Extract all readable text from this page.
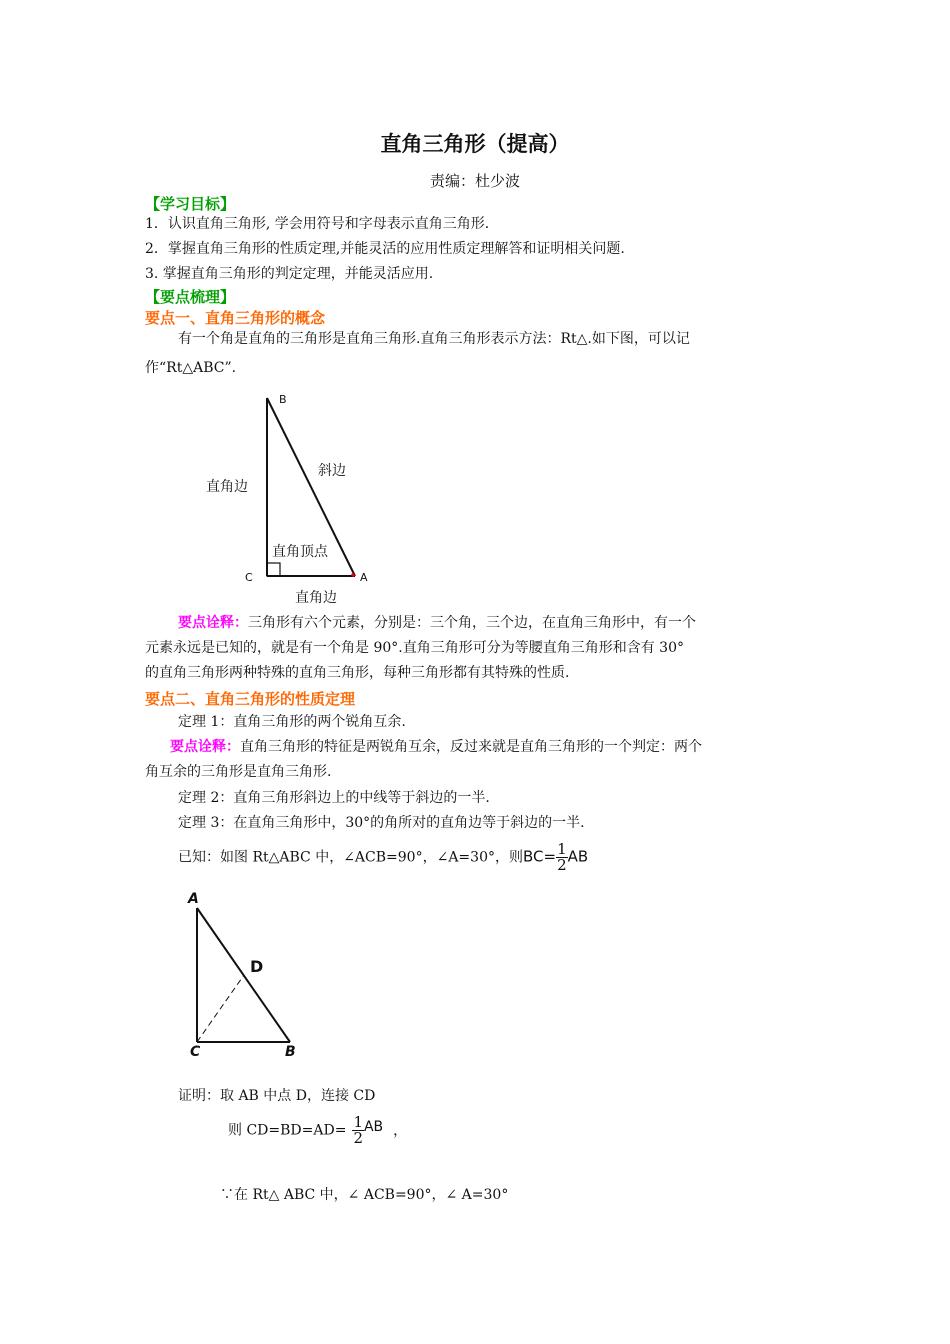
直角三角形（提高）
责编：杜少波
【学习目标】
1．认识直角三角形, 学会用符号和字母表示直角三角形.
2．掌握直角三角形的性质定理,并能灵活的应用性质定理解答和证明相关问题.
3. 掌握直角三角形的判定定理，并能灵活应用.
【要点梳理】
要点一、直角三角形的概念
有一个角是直角的三角形是直角三角形.直角三角形表示方法：Rt△.如下图，可以记
作“Rt△ABC”.
B
C	A
直角边
斜边
直角顶点
直角边
要点诠释：三角形有六个元素，分别是：三个角，三个边，在直角三角形中，有一个
元素永远是已知的，就是有一个角是 90°.直角三角形可分为等腰直角三角形和含有 30°
的直角三角形两种特殊的直角三角形，每种三角形都有其特殊的性质.
要点二、直角三角形的性质定理
定理 1：直角三角形的两个锐角互余.
要点诠释：直角三角形的特征是两锐角互余，反过来就是直角三角形的一个判定：两个
角互余的三角形是直角三角形.
定理 2：直角三角形斜边上的中线等于斜边的一半.
定理 3：在直角三角形中，30°的角所对的直角边等于斜边的一半.
已知：如图 Rt△ABC 中，∠ACB=90°，∠A=30°，则$BC= \frac{1}{2}$ AB
A
D
C	B
证明：取 AB 中点 D，连接 CD
则 $CD=BD=AD= \frac{1}{2}$ AB ，
∵在 Rt△ ABC 中，∠ ACB=90°，∠ A=30°
